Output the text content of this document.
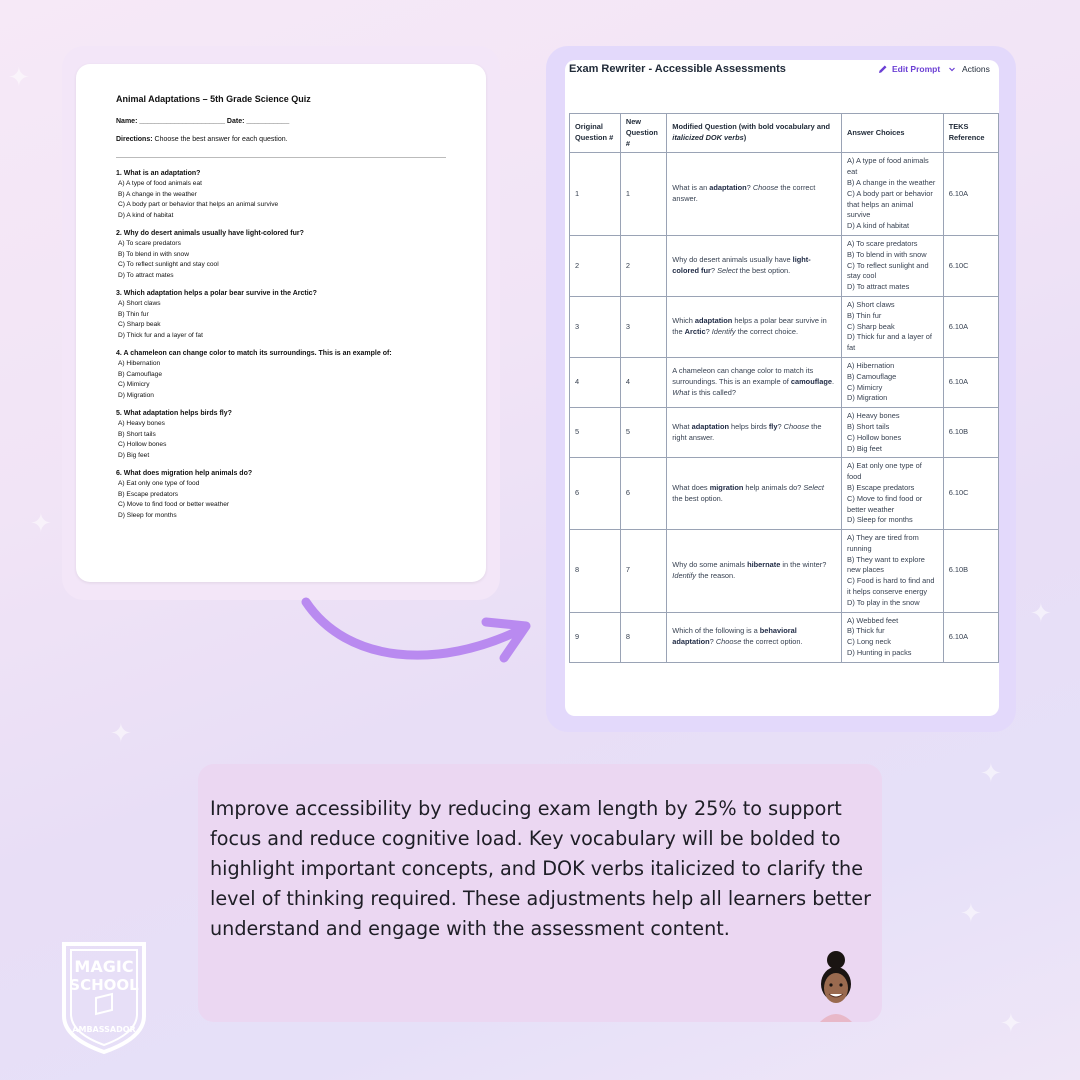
✦
✦
✦
✦
✦
✦
✦
Animal Adaptations – 5th Grade Science Quiz
Name: ______________________ Date: ___________
Directions: Choose the best answer for each question.
1. What is an adaptation?
A) A type of food animals eat
B) A change in the weather
C) A body part or behavior that helps an animal survive
D) A kind of habitat
2. Why do desert animals usually have light-colored fur?
A) To scare predators
B) To blend in with snow
C) To reflect sunlight and stay cool
D) To attract mates
3. Which adaptation helps a polar bear survive in the Arctic?
A) Short claws
B) Thin fur
C) Sharp beak
D) Thick fur and a layer of fat
4. A chameleon can change color to match its surroundings. This is an example of:
A) Hibernation
B) Camouflage
C) Mimicry
D) Migration
5. What adaptation helps birds fly?
A) Heavy bones
B) Short tails
C) Hollow bones
D) Big feet
6. What does migration help animals do?
A) Eat only one type of food
B) Escape predators
C) Move to find food or better weather
D) Sleep for months
Exam Rewriter - Accessible Assessments	Edit Prompt	Actions
Original Question #	New Question #	Modified Question (with bold vocabulary and italicized DOK verbs)	Answer Choices	TEKS Reference
1	1	What is an adaptation? Choose the correct answer.	A) A type of food animals eat
B) A change in the weather
C) A body part or behavior that helps an animal survive
D) A kind of habitat	6.10A
2	2	Why do desert animals usually have light-colored fur? Select the best option.	A) To scare predators
B) To blend in with snow
C) To reflect sunlight and stay cool
D) To attract mates	6.10C
3	3	Which adaptation helps a polar bear survive in the Arctic? Identify the correct choice.	A) Short claws
B) Thin fur
C) Sharp beak
D) Thick fur and a layer of fat	6.10A
4	4	A chameleon can change color to match its surroundings. This is an example of camouflage. What is this called?	A) Hibernation
B) Camouflage
C) Mimicry
D) Migration	6.10A
5	5	What adaptation helps birds fly? Choose the right answer.	A) Heavy bones
B) Short tails
C) Hollow bones
D) Big feet	6.10B
6	6	What does migration help animals do? Select the best option.	A) Eat only one type of food
B) Escape predators
C) Move to find food or better weather
D) Sleep for months	6.10C
8	7	Why do some animals hibernate in the winter? Identify the reason.	A) They are tired from running
B) They want to explore new places
C) Food is hard to find and it helps conserve energy
D) To play in the snow	6.10B
9	8	Which of the following is a behavioral adaptation? Choose the correct option.	A) Webbed feet
B) Thick fur
C) Long neck
D) Hunting in packs	6.10A
Improve accessibility by reducing exam length by 25% to support focus and reduce cognitive load. Key vocabulary will be bolded to highlight important concepts, and DOK verbs italicized to clarify the level of thinking required. These adjustments help all learners better understand and engage with the assessment content.
MAGIC
SCHOOL
AMBASSADOR
